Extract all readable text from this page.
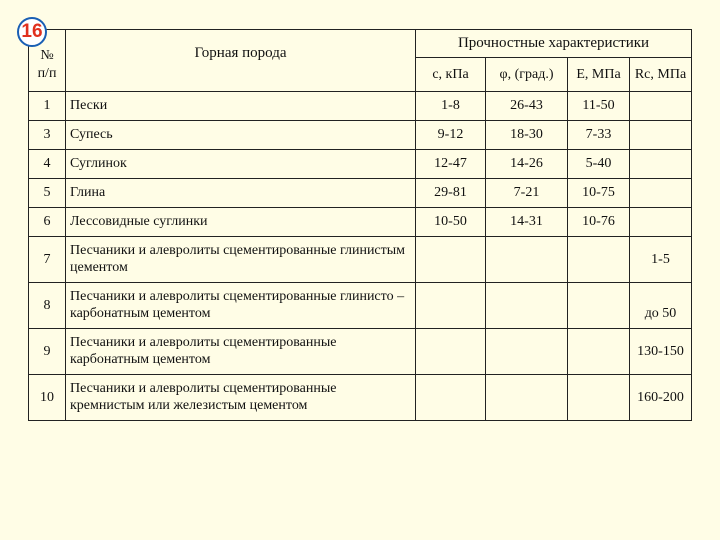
16
№ п/п	Горная порода	Прочностные характеристики			
		c, кПа	φ, (град.)	E, МПа	Rc, МПа
1	Пески	1-8	26-43	11-50	
3	Супесь	9-12	18-30	7-33	
4	Суглинок	12-47	14-26	5-40	
5	Глина	29-81	7-21	10-75	
6	Лессовидные суглинки	10-50	14-31	10-76	
7	Песчаники и алевролиты сцементированные глинистым цементом				1-5
8	Песчаники и алевролиты сцементированные глинисто – карбонатным цементом				до 50
9	Песчаники и алевролиты сцементированные карбонатным цементом				130-150
10	Песчаники и алевролиты сцементированные кремнистым или железистым цементом				160-200
